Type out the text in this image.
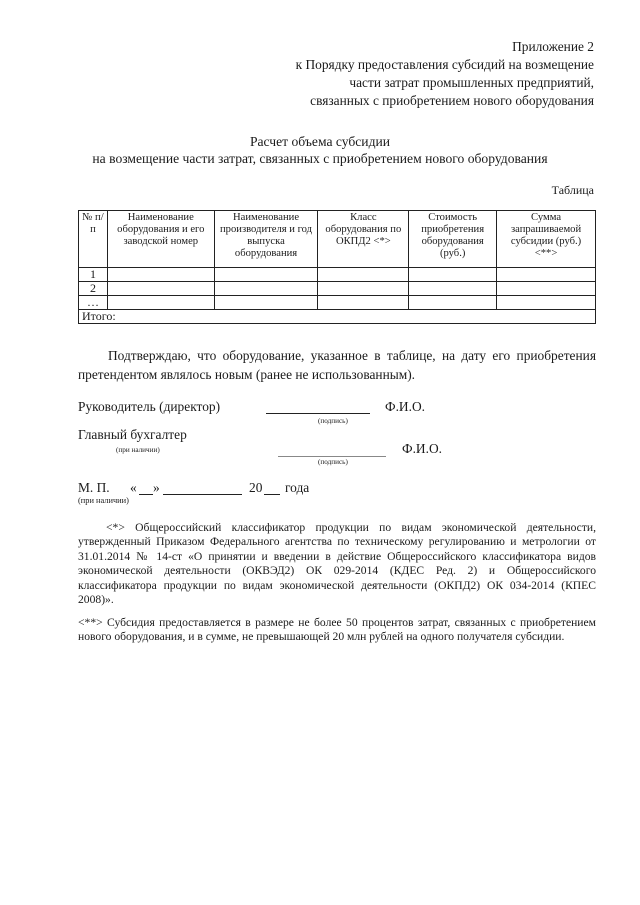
Приложение 2
к Порядку предоставления субсидий на возмещение
части затрат промышленных предприятий,
связанных с приобретением нового оборудования
Расчет объема субсидии
на возмещение части затрат, связанных с приобретением нового оборудования
Таблица
№ п/п	Наименование оборудования и его заводской номер	Наименование производителя и год выпуска оборудования	Класс оборудования по ОКПД2 <*>	Стоимость приобретения оборудования (руб.)	Сумма запрашиваемой субсидии (руб.) <**>
1					
2					
…					
Итого:					
Подтверждаю, что оборудование, указанное в таблице, на дату его приобретения претендентом являлось новым (ранее не использованным).
Руководитель (директор)
(подпись)
Ф.И.О.
Главный бухгалтер
(при наличии)
(подпись)
Ф.И.О.
М. П. « »	20 года
(при наличии)
<*> Общероссийский классификатор продукции по видам экономической деятельности, утвержденный Приказом Федерального агентства по техническому регулированию и метрологии от 31.01.2014 № 14-ст «О принятии и введении в действие Общероссийского классификатора видов экономической деятельности (ОКВЭД2) ОК 029-2014 (КДЕС Ред. 2) и Общероссийского классификатора продукции по видам экономической деятельности (ОКПД2) ОК 034-2014 (КПЕС 2008)».
<**> Субсидия предоставляется в размере не более 50 процентов затрат, связанных с приобретением нового оборудования, и в сумме, не превышающей 20 млн рублей на одного получателя субсидии.
